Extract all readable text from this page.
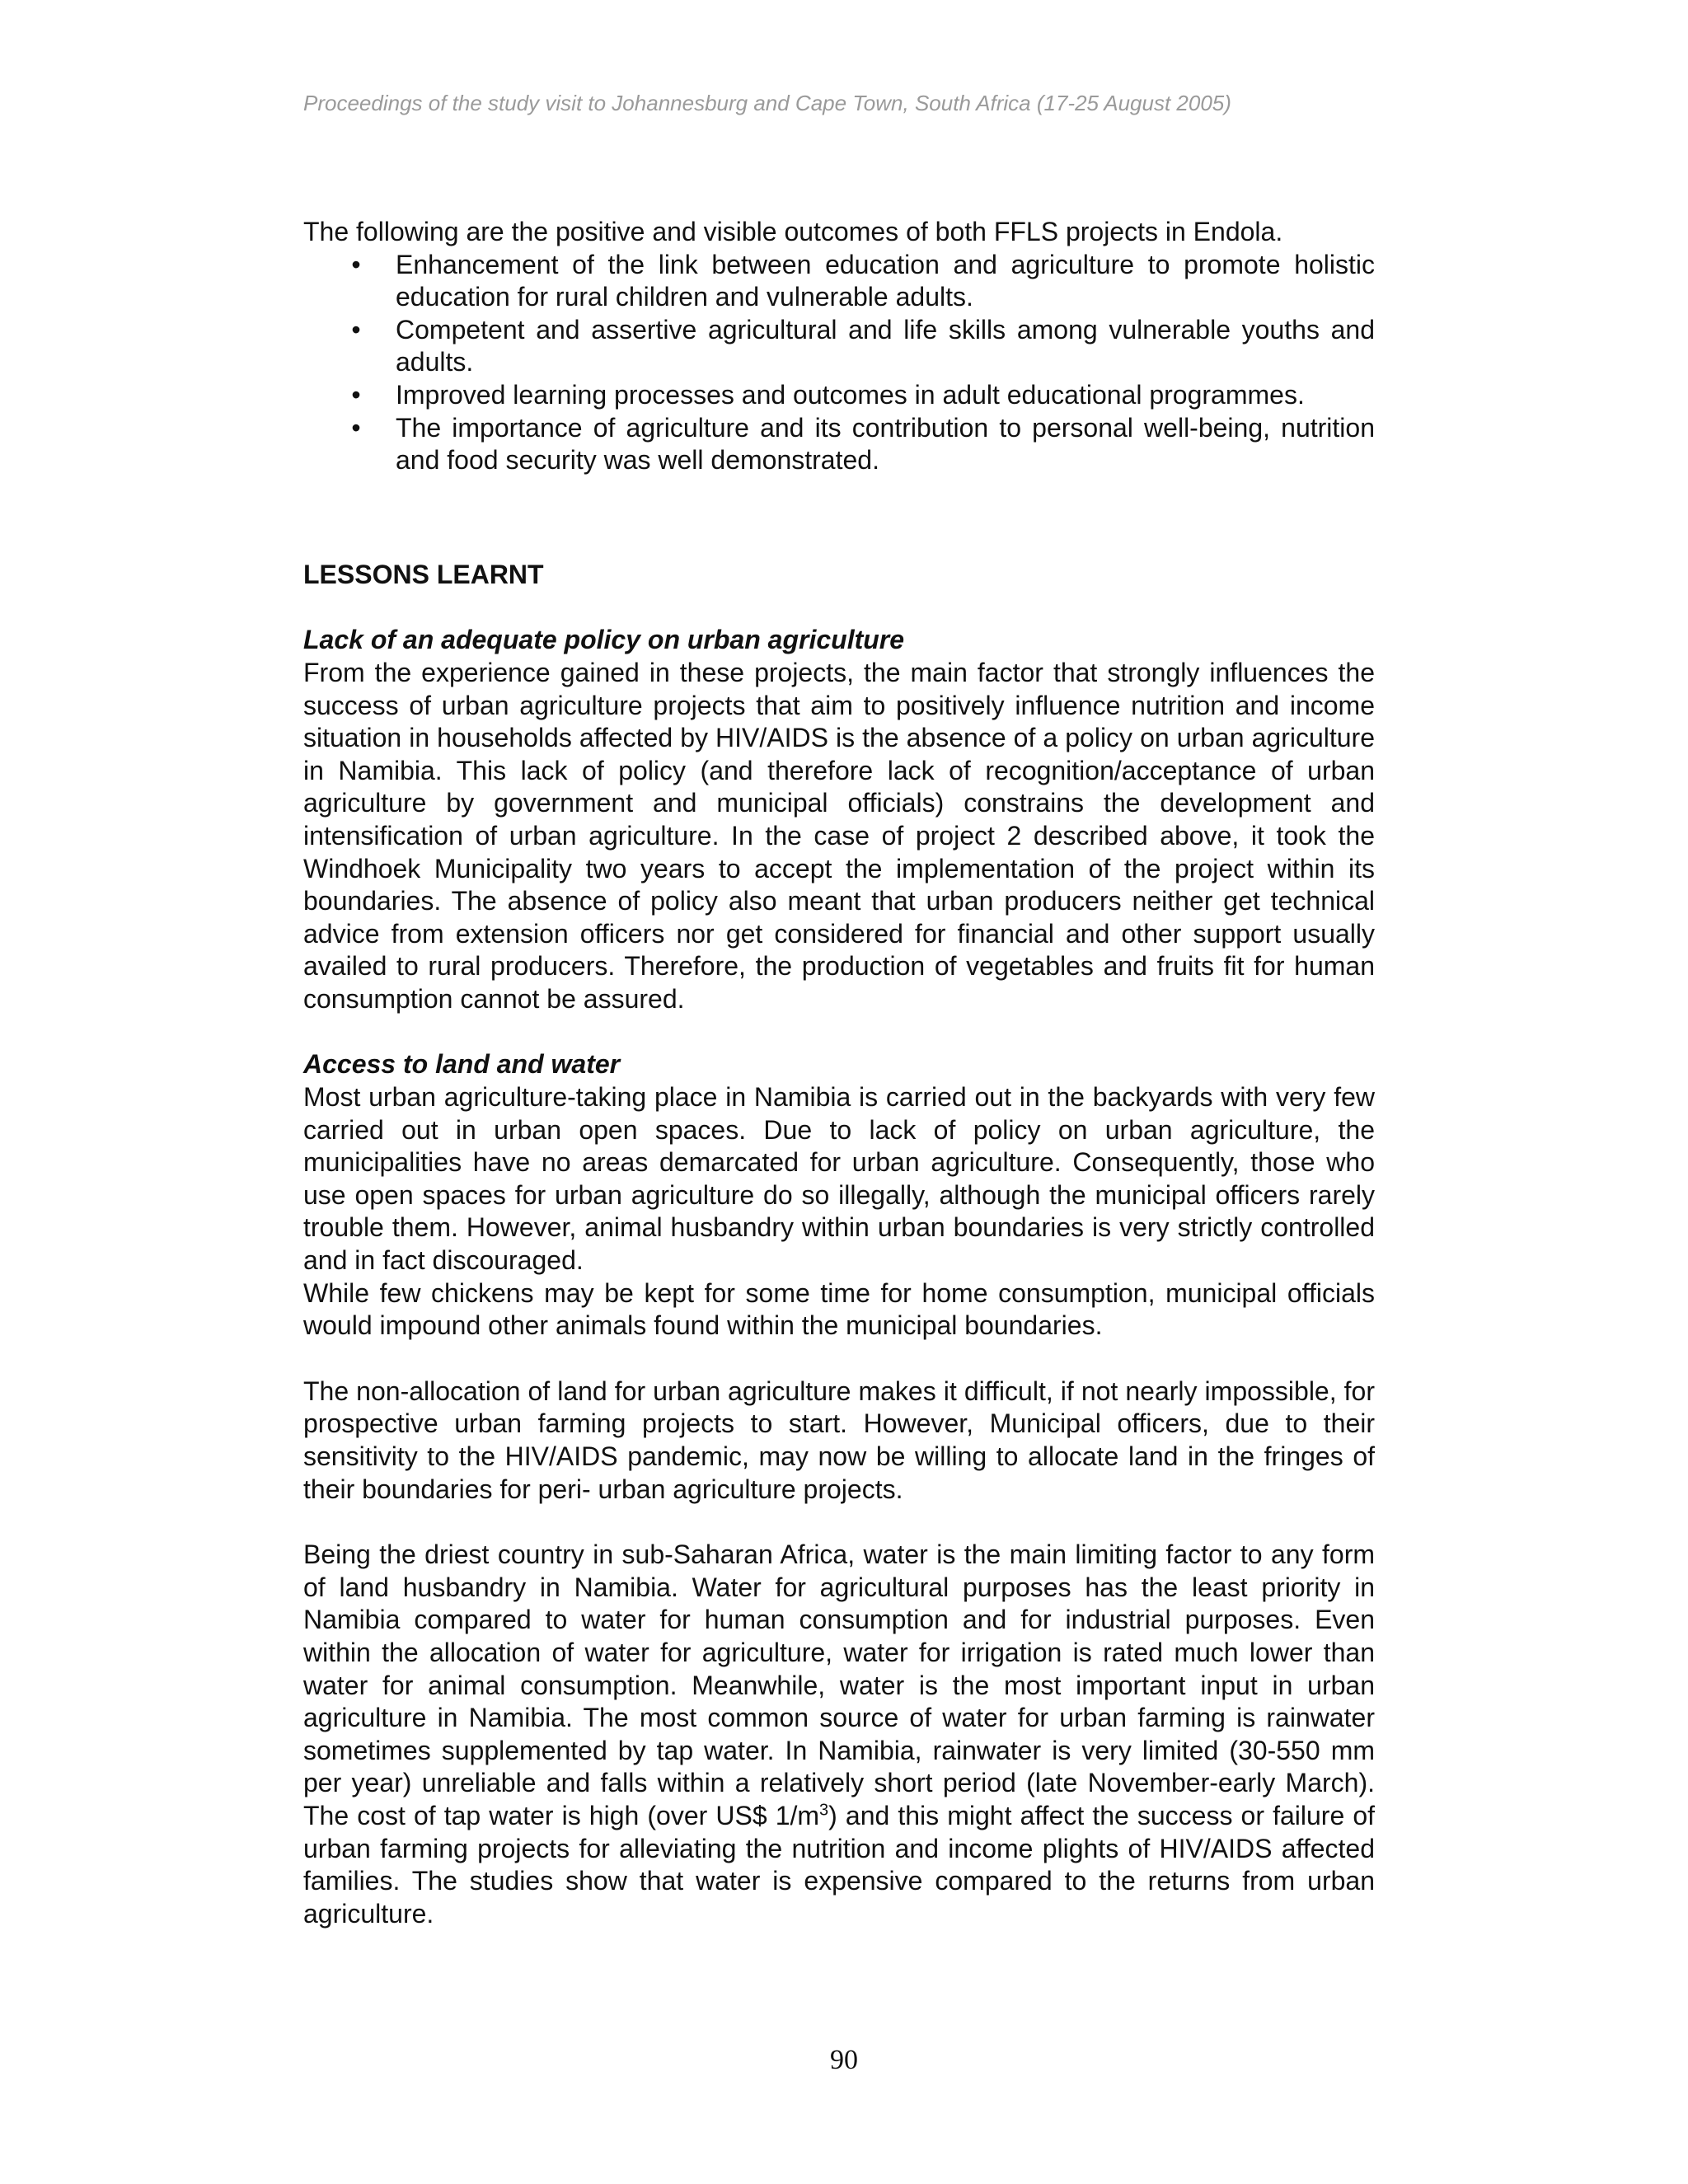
Proceedings of the study visit to Johannesburg and Cape Town, South Africa (17-25 August 2005)

The following are the positive and visible outcomes of both FFLS projects in Endola.

• Enhancement of the link between education and agriculture to promote holistic education for rural children and vulnerable adults.
• Competent and assertive agricultural and life skills among vulnerable youths and adults.
• Improved learning processes and outcomes in adult educational programmes.
• The importance of agriculture and its contribution to personal well-being, nutrition and food security was well demonstrated.

LESSONS LEARNT

Lack of an adequate policy on urban agriculture

From the experience gained in these projects, the main factor that strongly influences the success of urban agriculture projects that aim to positively influence nutrition and income situation in households affected by HIV/AIDS is the absence of a policy on urban agriculture in Namibia. This lack of policy (and therefore lack of recognition/acceptance of urban agriculture by government and municipal officials) constrains the development and intensification of urban agriculture. In the case of project 2 described above, it took the Windhoek Municipality two years to accept the implementation of the project within its boundaries. The absence of policy also meant that urban producers neither get technical advice from extension officers nor get considered for financial and other support usually availed to rural producers. Therefore, the production of vegetables and fruits fit for human consumption cannot be assured.

Access to land and water

Most urban agriculture-taking place in Namibia is carried out in the backyards with very few carried out in urban open spaces. Due to lack of policy on urban agriculture, the municipalities have no areas demarcated for urban agriculture. Consequently, those who use open spaces for urban agriculture do so illegally, although the municipal officers rarely trouble them. However, animal husbandry within urban boundaries is very strictly controlled and in fact discouraged.

While few chickens may be kept for some time for home consumption, municipal officials would impound other animals found within the municipal boundaries.

The non-allocation of land for urban agriculture makes it difficult, if not nearly impossible, for prospective urban farming projects to start. However, Municipal officers, due to their sensitivity to the HIV/AIDS pandemic, may now be willing to allocate land in the fringes of their boundaries for peri- urban agriculture projects.

Being the driest country in sub-Saharan Africa, water is the main limiting factor to any form of land husbandry in Namibia. Water for agricultural purposes has the least priority in Namibia compared to water for human consumption and for industrial purposes. Even within the allocation of water for agriculture, water for irrigation is rated much lower than water for animal consumption. Meanwhile, water is the most important input in urban agriculture in Namibia. The most common source of water for urban farming is rainwater sometimes supplemented by tap water. In Namibia, rainwater is very limited (30-550 mm per year) unreliable and falls within a relatively short period (late November-early March). The cost of tap water is high (over US$ $1/m^3$) and this might affect the success or failure of urban farming projects for alleviating the nutrition and income plights of HIV/AIDS affected families. The studies show that water is expensive compared to the returns from urban agriculture.

90
